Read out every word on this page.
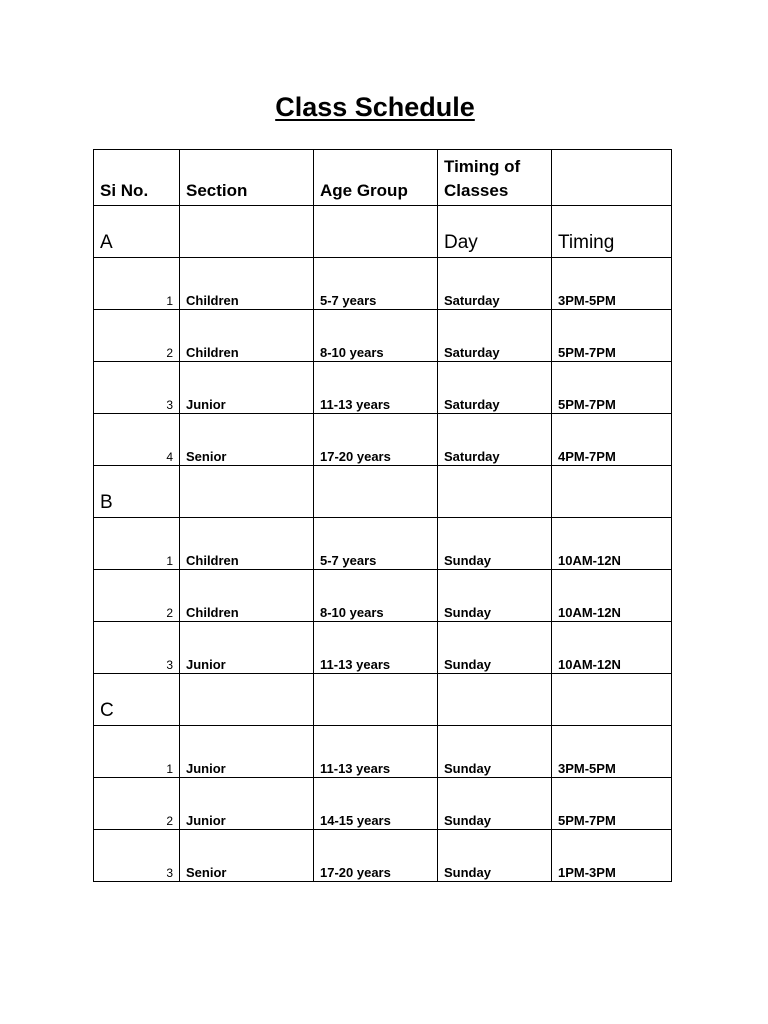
Class Schedule
Si No.	Section	Age Group	Timing of Classes	
A			Day	Timing
1	Children	5-7 years	Saturday	3PM-5PM
2	Children	8-10 years	Saturday	5PM-7PM
3	Junior	11-13 years	Saturday	5PM-7PM
4	Senior	17-20 years	Saturday	4PM-7PM
B				
1	Children	5-7 years	Sunday	10AM-12N
2	Children	8-10 years	Sunday	10AM-12N
3	Junior	11-13 years	Sunday	10AM-12N
C				
1	Junior	11-13 years	Sunday	3PM-5PM
2	Junior	14-15 years	Sunday	5PM-7PM
3	Senior	17-20 years	Sunday	1PM-3PM
